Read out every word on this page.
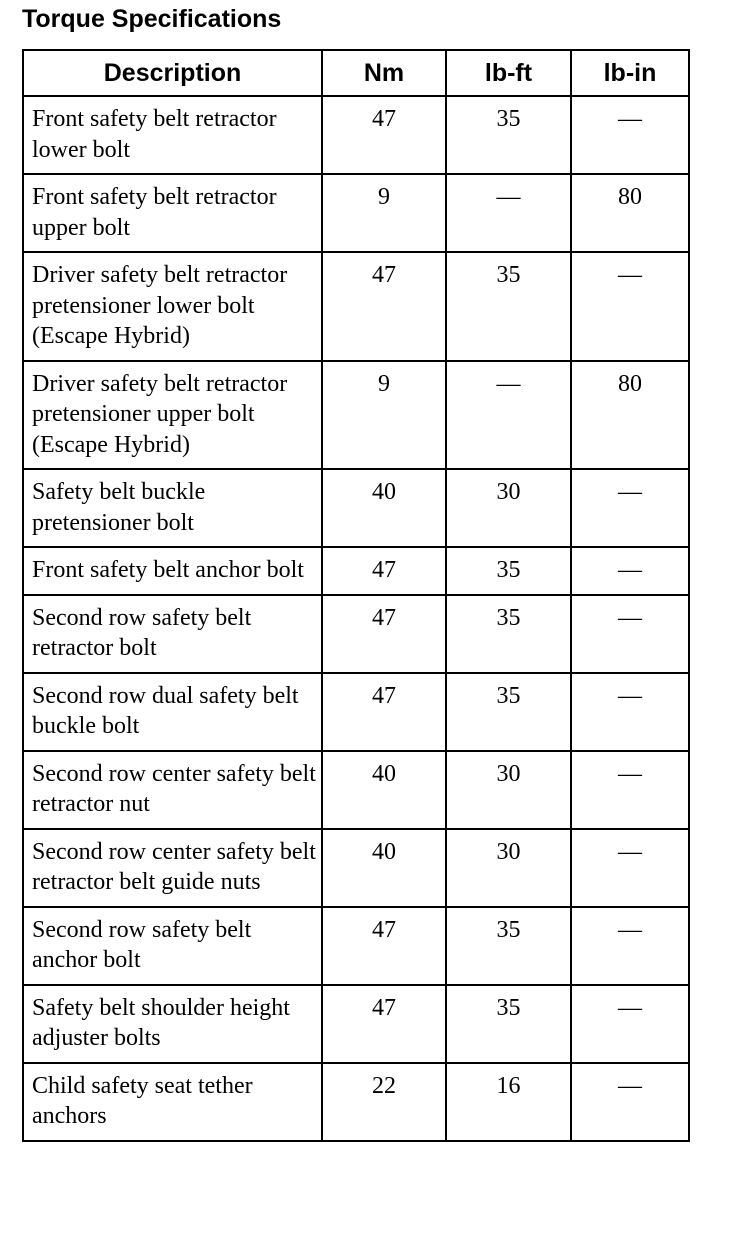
Torque Specifications
Description	Nm	lb-ft	lb-in
Front safety belt retractor lower bolt	47	35	—
Front safety belt retractor upper bolt	9	—	80
Driver safety belt retractor pretensioner lower bolt (Escape Hybrid)	47	35	—
Driver safety belt retractor pretensioner upper bolt (Escape Hybrid)	9	—	80
Safety belt buckle pretensioner bolt	40	30	—
Front safety belt anchor bolt	47	35	—
Second row safety belt retractor bolt	47	35	—
Second row dual safety belt buckle bolt	47	35	—
Second row center safety belt retractor nut	40	30	—
Second row center safety belt retractor belt guide nuts	40	30	—
Second row safety belt anchor bolt	47	35	—
Safety belt shoulder height adjuster bolts	47	35	—
Child safety seat tether anchors	22	16	—
